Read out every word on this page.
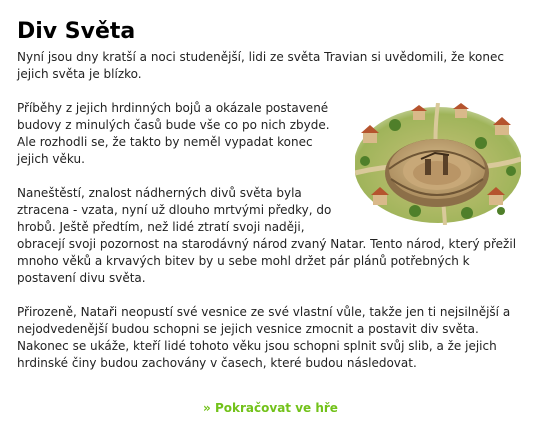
Div Světa

Nyní jsou dny kratší a noci studenější, lidi ze světa Travian si uvědomili, že konec jejich světa je blízko.

Příběhy z jejich hrdinných bojů a okázale postavené budovy z minulých časů bude vše co po nich zbyde. Ale rozhodli se, že takto by neměl vypadat konec jejich věku.

Naneštěstí, znalost nádherných divů světa byla ztracena - vzata, nyní už dlouho mrtvými předky, do hrobů. Ještě předtím, než lidé ztratí svoji naději, obracejí svoji pozornost na starodávný národ zvaný Natar. Tento národ, který přežil mnoho věků a krvavých bitev by u sebe mohl držet pár plánů potřebných k postavení divu světa.

Přirozeně, Nataři neopustí své vesnice ze své vlastní vůle, takže jen ti nejsilnější a nejodvedenější budou schopni se jejich vesnice zmocnit a postavit div světa. Nakonec se ukáže, kteří lidé tohoto věku jsou schopni splnit svůj slib, a že jejich hrdinské činy budou zachovány v časech, které budou následovat.

» Pokračovat ve hře
